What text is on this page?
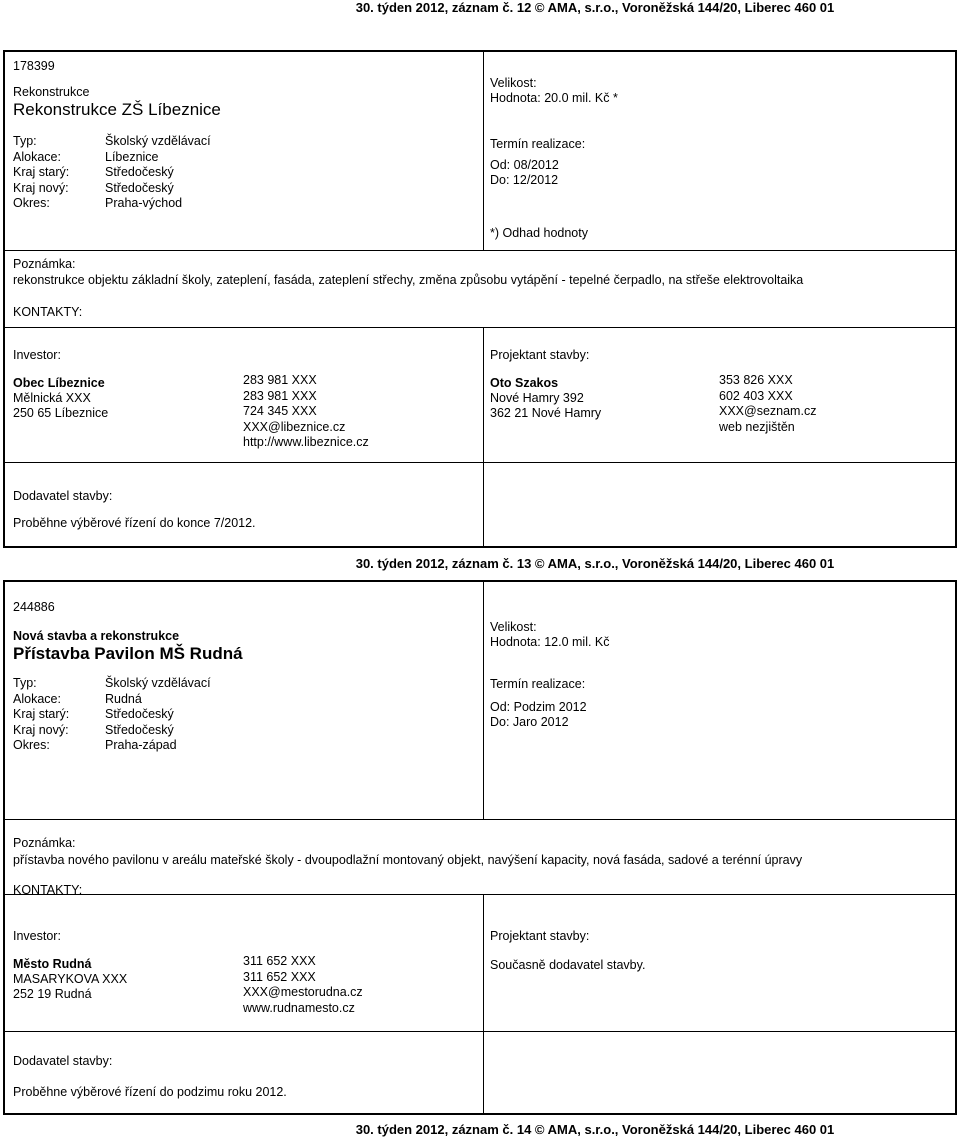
30. týden 2012, záznam č. 12 © AMA, s.r.o., Voroněžská 144/20, Liberec 460 01
30. týden 2012, záznam č. 13 © AMA, s.r.o., Voroněžská 144/20, Liberec 460 01
30. týden 2012, záznam č. 14 © AMA, s.r.o., Voroněžská 144/20, Liberec 460 01
178399
Rekonstrukce
Rekonstrukce ZŠ Líbeznice
Typ:
Alokace:
Kraj starý:
Kraj nový:
Okres:
Školský vzdělávací
Líbeznice
Středočeský
Středočeský
Praha-východ
Velikost:
Hodnota: 20.0 mil. Kč *
Termín realizace:
Od: 08/2012
Do: 12/2012
*) Odhad hodnoty
Poznámka:
rekonstrukce objektu základní školy, zateplení, fasáda, zateplení střechy, změna způsobu vytápění - tepelné čerpadlo, na střeše elektrovoltaika
KONTAKTY:
Investor:
Obec Líbeznice
Mělnická XXX
250 65 Líbeznice
283 981 XXX
283 981 XXX
724 345 XXX
XXX@libeznice.cz
http://www.libeznice.cz
Projektant stavby:
Oto Szakos
Nové Hamry 392
362 21 Nové Hamry
353 826 XXX
602 403 XXX
XXX@seznam.cz
web nezjištěn
Dodavatel stavby:
Proběhne výběrové řízení do konce 7/2012.
244886
Nová stavba a rekonstrukce
Přístavba Pavilon MŠ Rudná
Typ:
Alokace:
Kraj starý:
Kraj nový:
Okres:
Školský vzdělávací
Rudná
Středočeský
Středočeský
Praha-západ
Velikost:
Hodnota: 12.0 mil. Kč
Termín realizace:
Od: Podzim 2012
Do: Jaro 2012
Poznámka:
přístavba nového pavilonu v areálu mateřské školy - dvoupodlažní montovaný objekt, navýšení kapacity, nová fasáda, sadové a terénní úpravy
KONTAKTY:
Investor:
Město Rudná
MASARYKOVA XXX
252 19 Rudná
311 652 XXX
311 652 XXX
XXX@mestorudna.cz
www.rudnamesto.cz
Projektant stavby:
Současně dodavatel stavby.
Dodavatel stavby:
Proběhne výběrové řízení do podzimu roku 2012.
